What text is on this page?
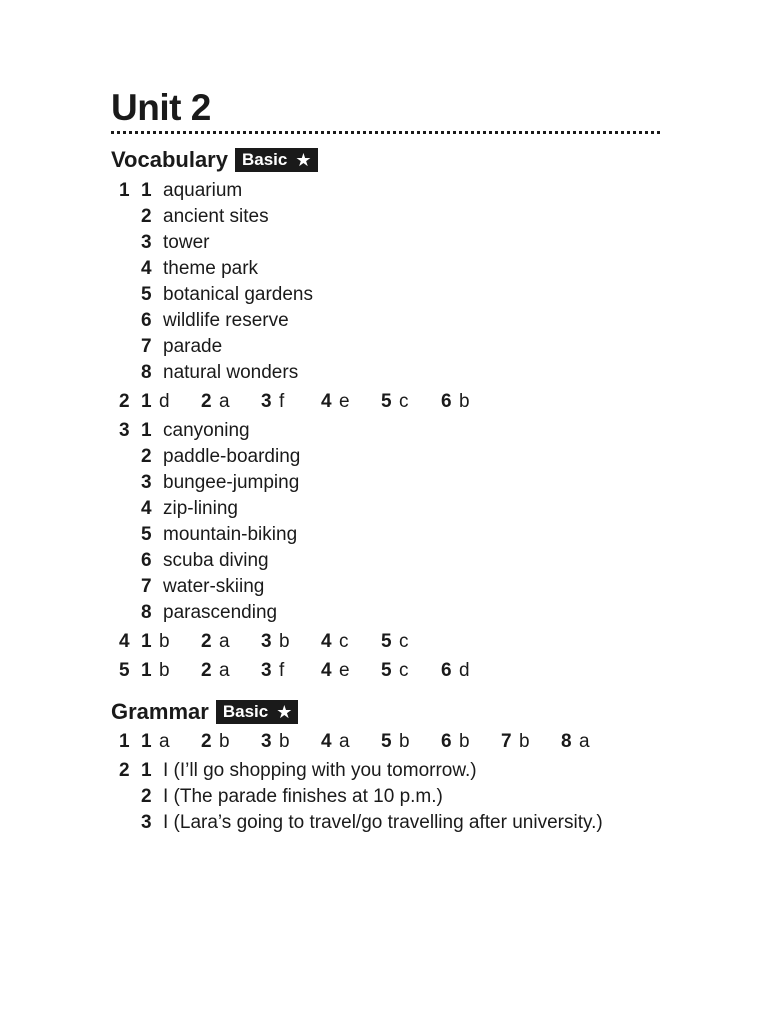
Unit 2
Vocabulary Basic ★
1 1 aquarium
2 ancient sites
3 tower
4 theme park
5 botanical gardens
6 wildlife reserve
7 parade
8 natural wonders
2 1 d	2 a	3 f	4 e	5 c	6 b
3 1 canyoning
2 paddle-boarding
3 bungee-jumping
4 zip-lining
5 mountain-biking
6 scuba diving
7 water-skiing
8 parascending
4 1 b	2 a	3 b	4 c	5 c
5 1 b	2 a	3 f	4 e	5 c	6 d
Grammar Basic ★
1 1 a	2 b	3 b	4 a	5 b	6 b	7 b	8 a
2 1 I (I’ll go shopping with you tomorrow.)
2 I (The parade finishes at 10 p.m.)
3 I (Lara’s going to travel/go travelling after university.)
